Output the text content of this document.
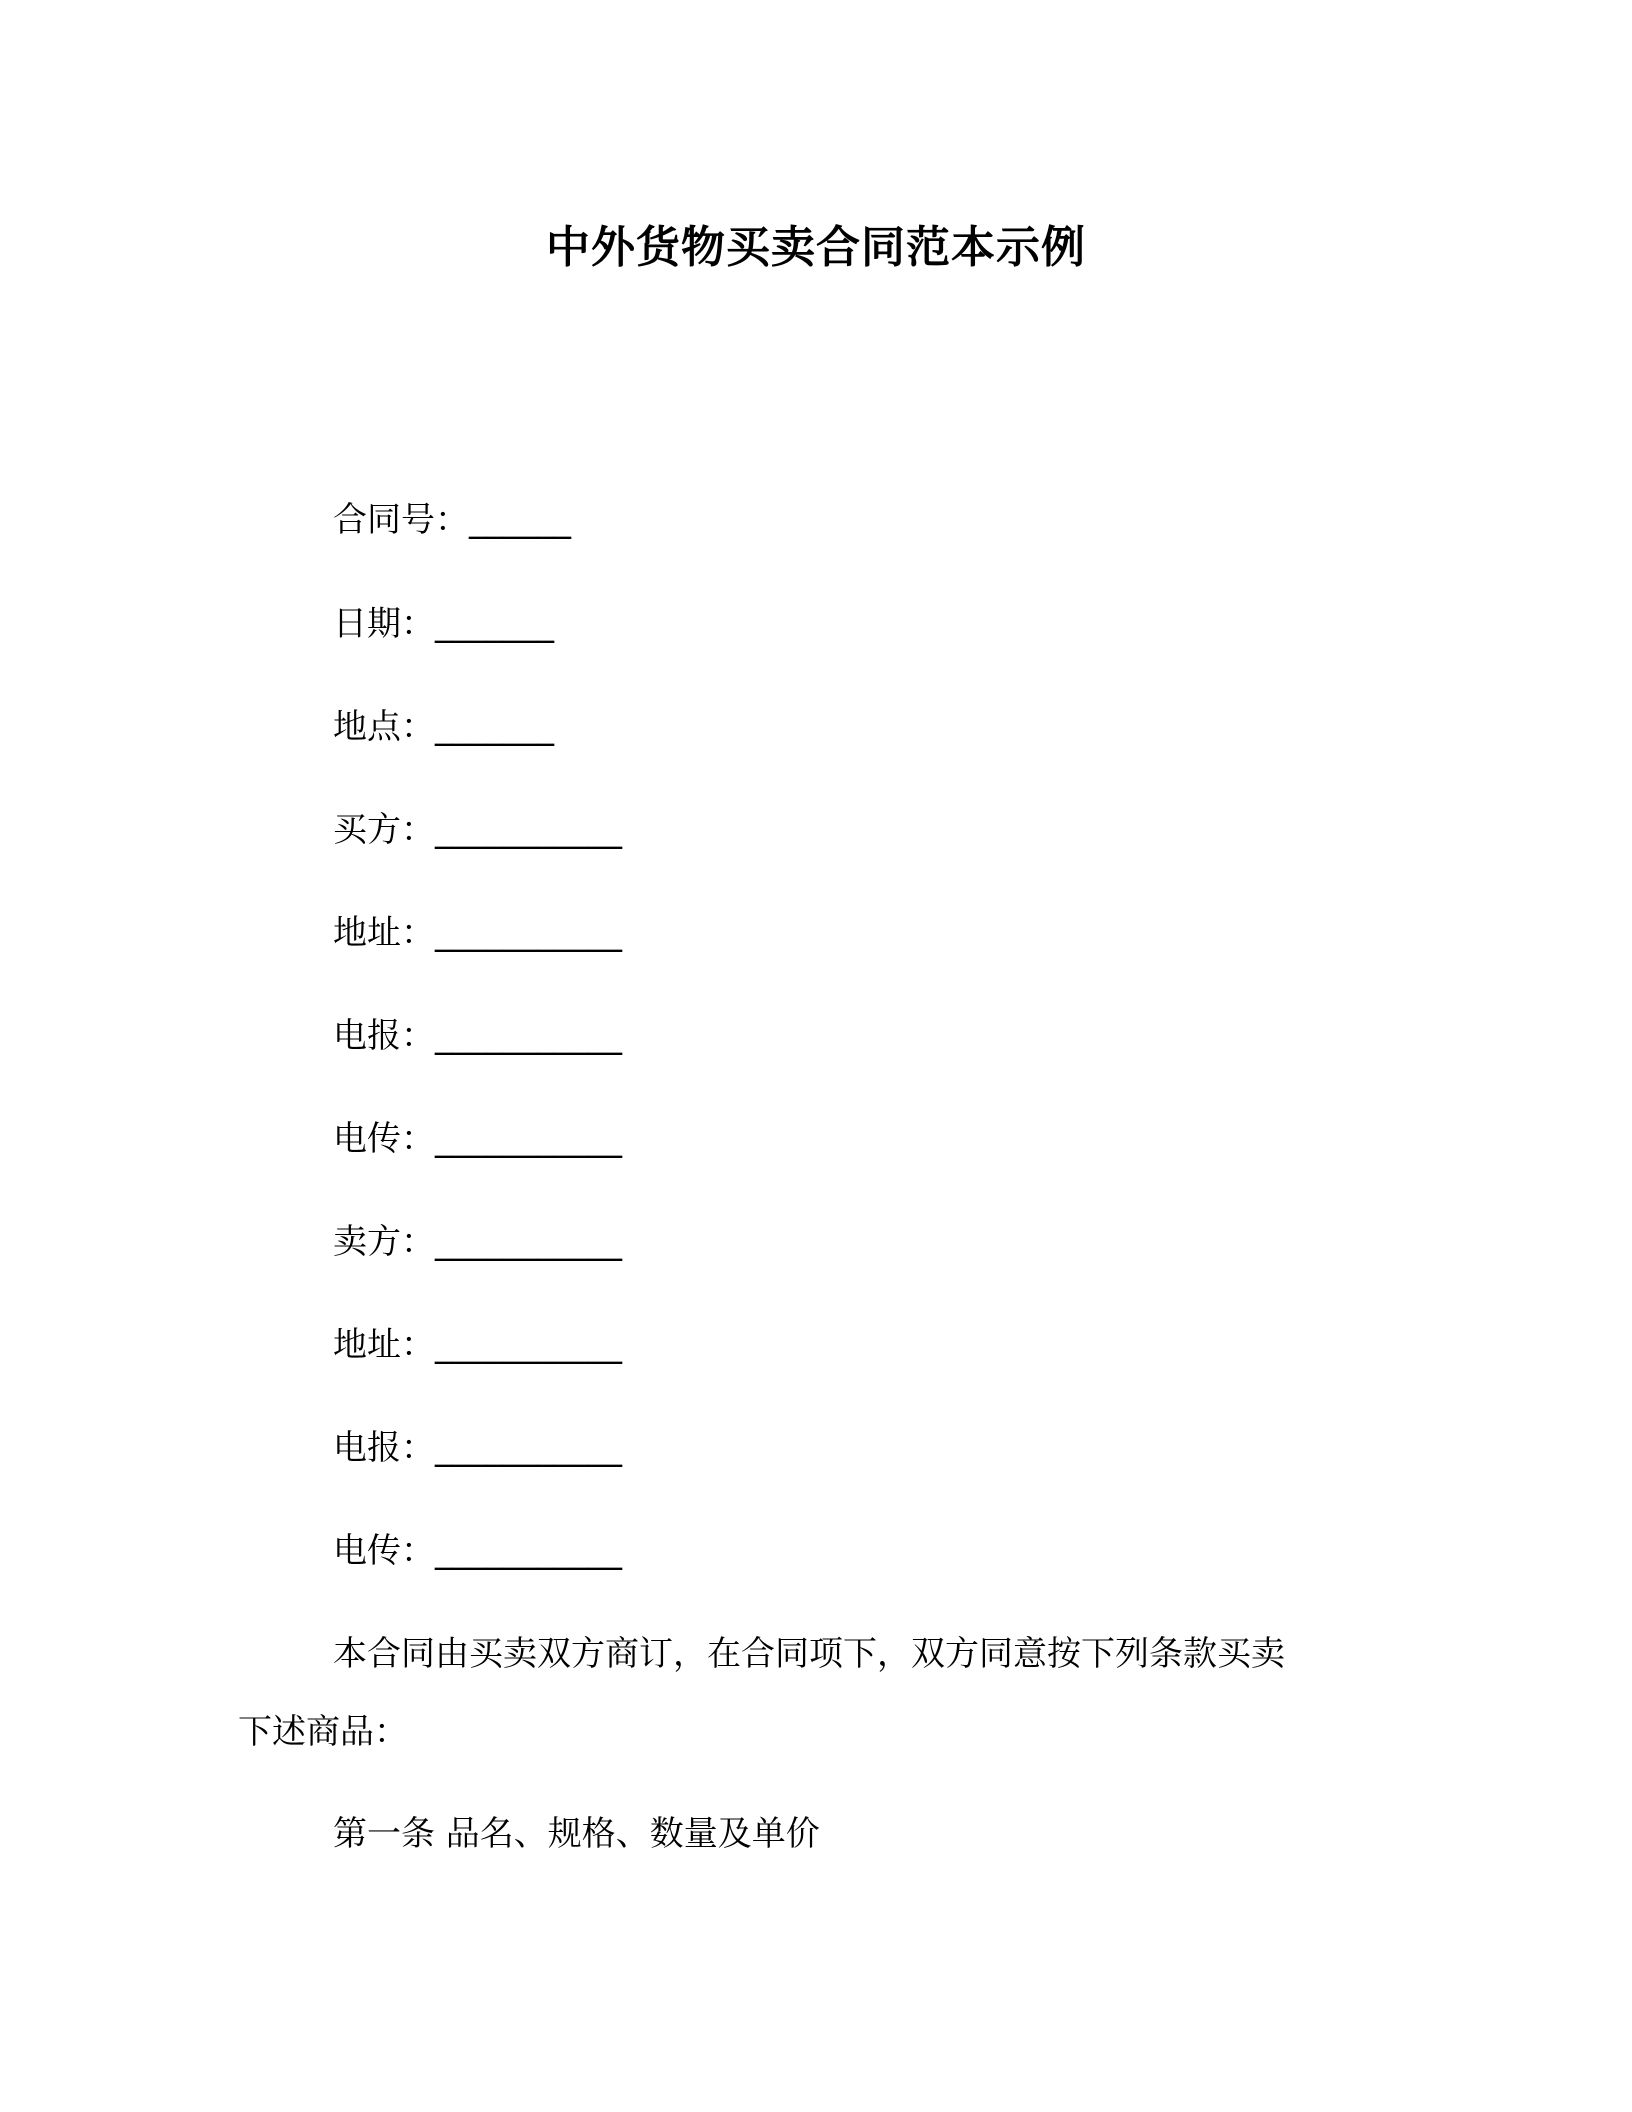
中外货物买卖合同范本示例
合同号：______
日期：_______
地点：_______
买方：___________
地址：___________
电报：___________
电传：___________
卖方：___________
地址：___________
电报：___________
电传：___________
本合同由买卖双方商订，在合同项下，双方同意按下列条款买卖
下述商品：
第一条 品名、规格、数量及单价
